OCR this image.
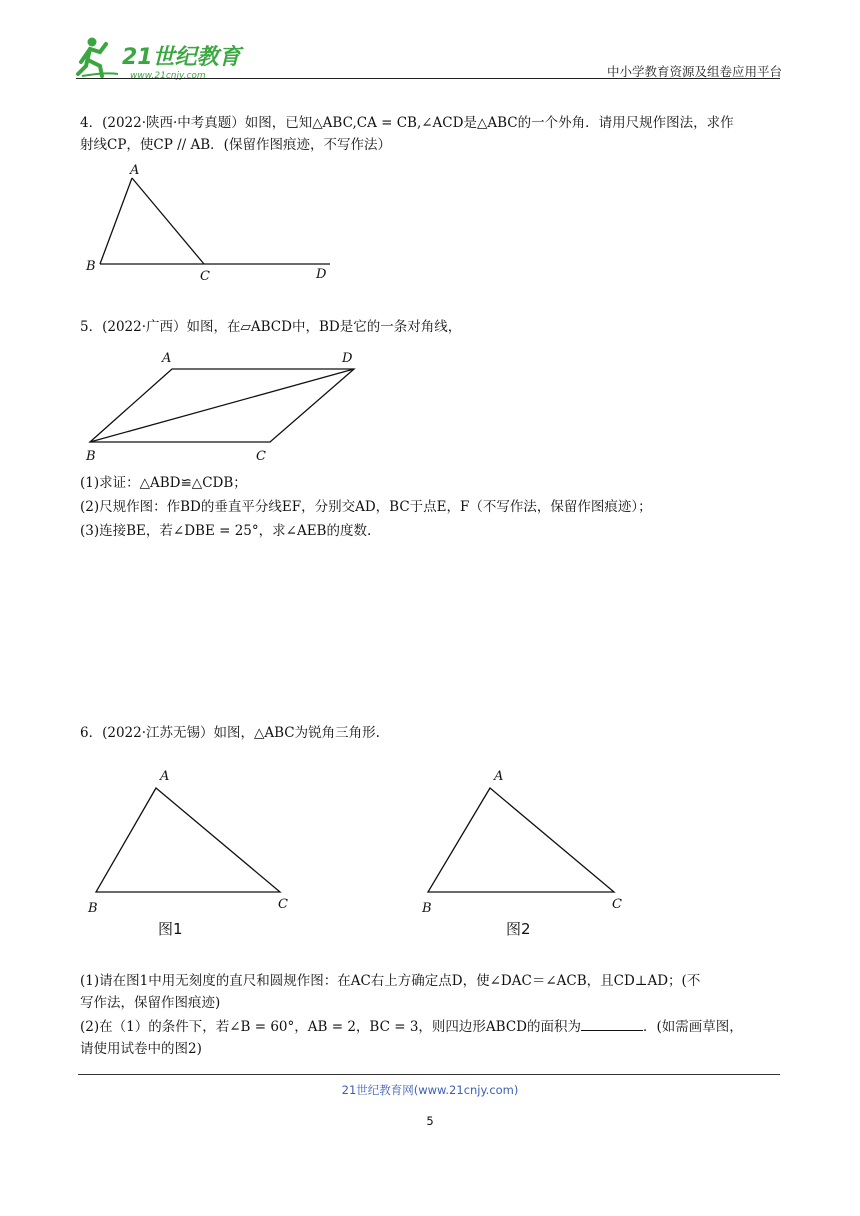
21世纪教育
www.21cnjy.com	中小学教育资源及组卷应用平台
4．(2022·陕西·中考真题）如图，已知△ABC,CA = CB,∠ACD是△ABC的一个外角．请用尺规作图法，求作
射线CP，使CP // AB．(保留作图痕迹，不写作法）
A
B
C	D
5．(2022·广西）如图，在▱ABCD中，BD是它的一条对角线，
A	D
B	C
(1)求证：△ABD≌△CDB；
(2)尺规作图：作BD的垂直平分线EF，分别交AD，BC于点E，F（不写作法，保留作图痕迹）；
(3)连接BE，若∠DBE = 25°，求∠AEB的度数.
6．(2022·江苏无锡）如图，△ABC为锐角三角形.
A
B	C
图1
A
B	C
图2
(1)请在图1中用无刻度的直尺和圆规作图：在AC右上方确定点D，使∠DAC＝∠ACB，且CD⊥AD；(不
写作法，保留作图痕迹)
(2)在（1）的条件下，若∠B = 60°，AB = 2，BC = 3，则四边形ABCD的面积为	．(如需画草图，
请使用试卷中的图2)
21世纪教育网(www.21cnjy.com)
5
